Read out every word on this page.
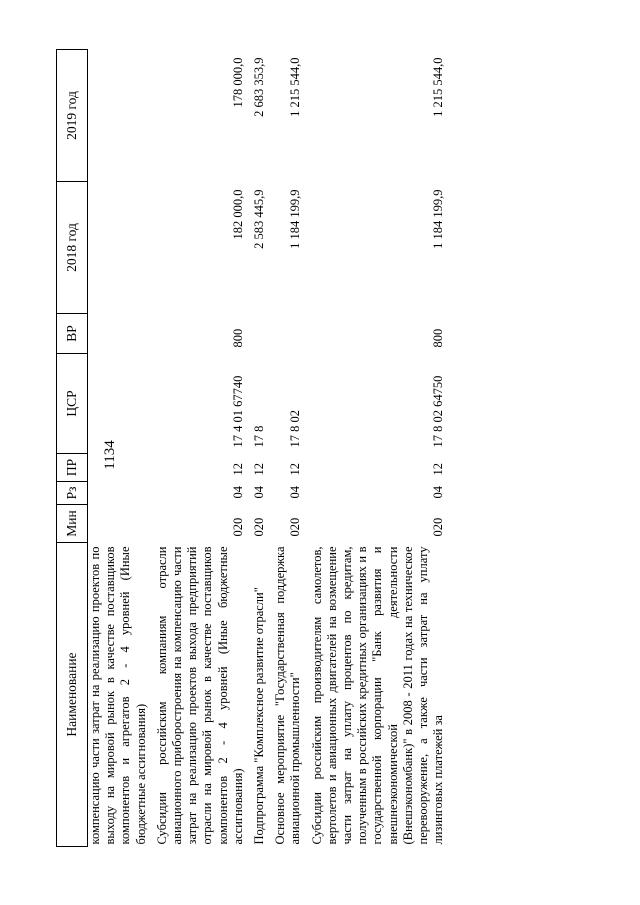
1134
Наименование	Мин	Рз	ПР	ЦСР	ВР	2018 год	2019 год
компенсацию части затрат на реализацию проектов по выходу на мировой рынок в качестве поставщиков компонентов и агрегатов 2 - 4 уровней (Иные бюджетные ассигнования)							
Субсидии российским компаниям отрасли авиационного приборостроения на компенсацию части затрат на реализацию проектов выхода предприятий отрасли на мировой рынок в качестве поставщиков компонентов 2 - 4 уровней (Иные бюджетные ассигнования)	020	04	12	17 4 01 67740	800	182 000,0	178 000,0
Подпрограмма "Комплексное развитие отрасли"	020	04	12	17 8		2 583 445,9	2 683 353,9
Основное мероприятие "Государственная поддержка авиационной промышленности"	020	04	12	17 8 02		1 184 199,9	1 215 544,0
Субсидии российским производителям самолетов, вертолетов и авиационных двигателей на возмещение части затрат на уплату процентов по кредитам, полученным в российских кредитных организациях и в государственной корпорации "Банк развития и внешнеэкономической деятельности (Внешэкономбанк)" в 2008 - 2011 годах на техническое перевооружение, а также части затрат на уплату лизинговых платежей за	020	04	12	17 8 02 64750	800	1 184 199,9	1 215 544,0
